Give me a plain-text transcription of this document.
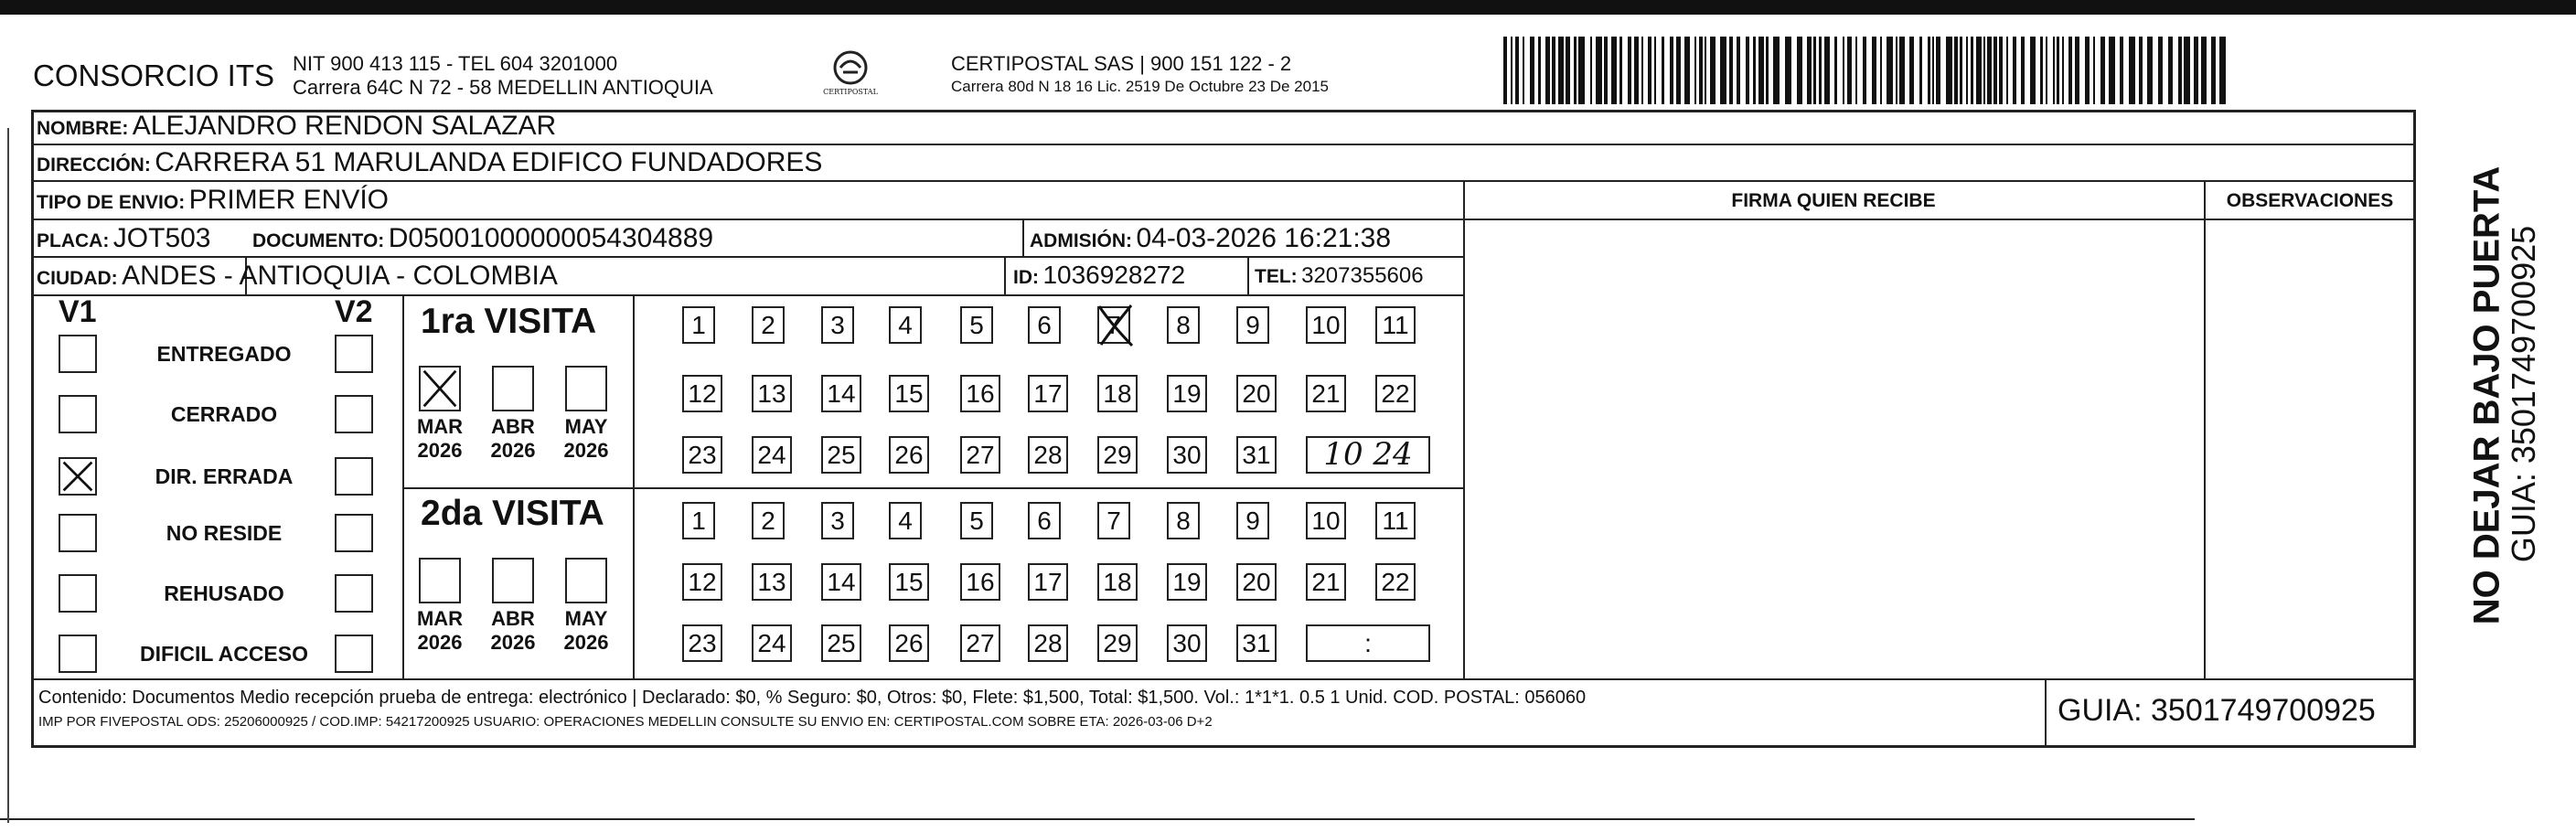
CONSORCIO ITS NIT 900 413 115 - TEL 604 3201000
Carrera 64C N 72 - 58 MEDELLIN ANTIOQUIA	CERTIPOSTAL
CERTIPOSTAL SAS | 900 151 122 - 2
Carrera 80d N 18 16 Lic. 2519 De Octubre 23 De 2015
NOMBRE: ALEJANDRO RENDON SALAZAR
DIRECCIÓN: CARRERA 51 MARULANDA EDIFICO FUNDADORES
TIPO DE ENVIO: PRIMER ENVÍO
PLACA: JOT503 DOCUMENTO: D05001000000054304889	ADMISIÓN: 04-03-2026 16:21:38
CIUDAD: ANDES - ANTIOQUIA - COLOMBIA	ID: 1036928272	TEL: 3207355606
FIRMA QUIEN RECIBE	OBSERVACIONES
V1	V2
ENTREGADO
CERRADO
DIR. ERRADA
NO RESIDE
REHUSADO
DIFICIL ACCESO
1ra VISITA
2da VISITA
MAR
2026
ABR
2026
MAY
2026
MAR
2026
ABR
2026
MAY
2026
1	2	3	4	5	6	7	8	9	10 11
12 13 14 15 16 17 18 19 20 21 22
23 24 25 26 27 28 29 30 31	10 24
1	2	3	4	5	6	7	8	9	10 11
12 13 14 15 16 17 18 19 20 21 22
23 24 25 26 27 28 29 30 31	:
Contenido: Documentos Medio recepción prueba de entrega: electrónico | Declarado: $0, % Seguro: $0, Otros: $0, Flete: $1,500, Total: $1,500. Vol.: 1*1*1. 0.5 1 Unid. COD. POSTAL: 056060
IMP POR FIVEPOSTAL ODS: 25206000925 / COD.IMP: 54217200925 USUARIO: OPERACIONES MEDELLIN CONSULTE SU ENVIO EN: CERTIPOSTAL.COM SOBRE ETA: 2026-03-06 D+2	GUIA: 3501749700925
NO DEJAR BAJO PUERTA
GUIA: 3501749700925
